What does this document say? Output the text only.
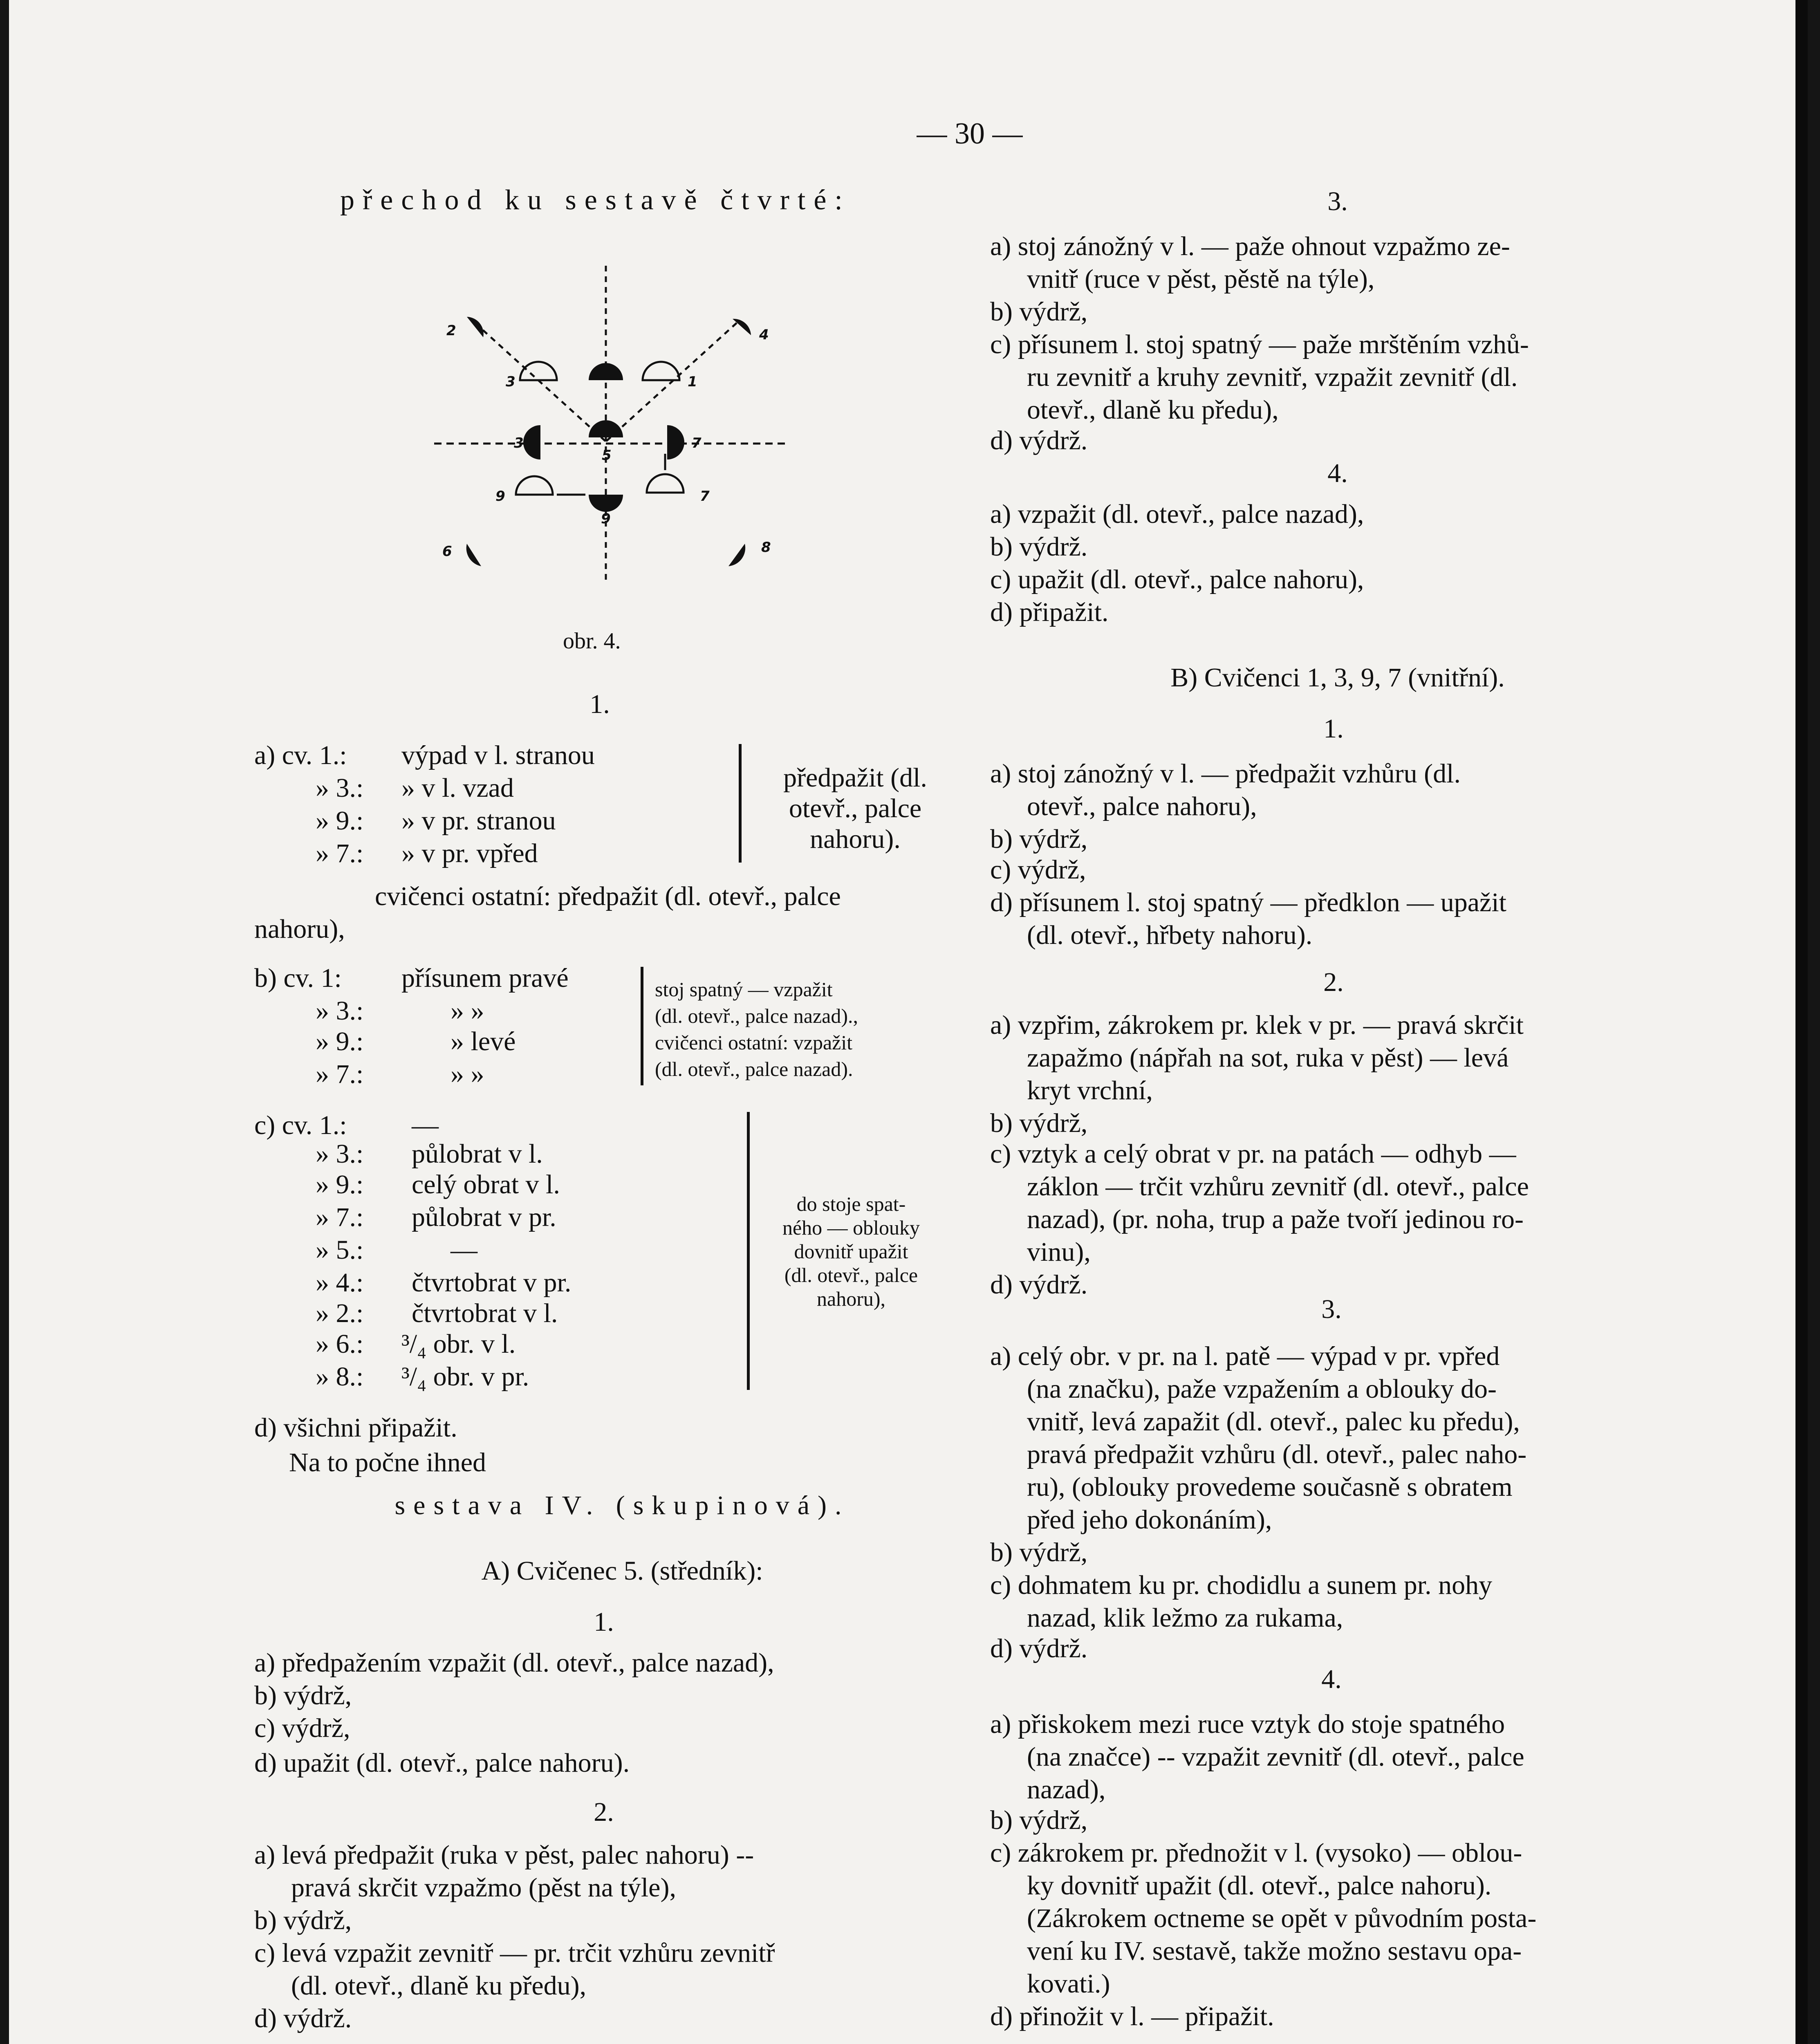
— 30 —
přechod ku sestavě čtvrté:
2	4
3	1
3
5
7
9
9
7
6	8
obr. 4.
1.
a) cv. 1.: výpad v l. stranou
» 3.: » v l. vzad
» 9.: » v pr. stranou
» 7.: » v pr. vpřed
předpažit (dl.
otevř., palce
nahoru).
cvičenci ostatní: předpažit (dl. otevř., palce
nahoru),
b) cv. 1: přísunem pravé
» 3.:	» »
» 9.:	» levé
» 7.:	» »
stoj spatný — vzpažit
(dl. otevř., palce nazad).,
cvičenci ostatní: vzpažit
(dl. otevř., palce nazad).
c) cv. 1.: —
» 3.: půlobrat v l.
» 9.: celý obrat v l.
» 7.: půlobrat v pr.
» 5.:	—
» 4.: čtvrtobrat v pr.
» 2.: čtvrtobrat v l.
» 6.: ³/₄ obr. v l.
» 8.: ³/₄ obr. v pr.
do stoje spat-
ného — oblouky
dovnitř upažit
(dl. otevř., palce
nahoru),
d) všichni připažit.
Na to počne ihned
sestava IV. (skupinová).
A) Cvičenec 5. (středník):
1.
a) předpažením vzpažit (dl. otevř., palce nazad),
b) výdrž,
c) výdrž,
d) upažit (dl. otevř., palce nahoru).
2.
a) levá předpažit (ruka v pěst, palec nahoru) --
pravá skrčit vzpažmo (pěst na týle),
b) výdrž,
c) levá vzpažit zevnitř — pr. trčit vzhůru zevnitř
(dl. otevř., dlaně ku předu),
d) výdrž.
3.
a) stoj zánožný v l. — paže ohnout vzpažmo ze-
vnitř (ruce v pěst, pěstě na týle),
b) výdrž,
c) přísunem l. stoj spatný — paže mrštěním vzhů-
ru zevnitř a kruhy zevnitř, vzpažit zevnitř (dl.
otevř., dlaně ku předu),
d) výdrž.
4.
a) vzpažit (dl. otevř., palce nazad),
b) výdrž.
c) upažit (dl. otevř., palce nahoru),
d) připažit.
B) Cvičenci 1, 3, 9, 7 (vnitřní).
1.
a) stoj zánožný v l. — předpažit vzhůru (dl.
otevř., palce nahoru),
b) výdrž,
c) výdrž,
d) přísunem l. stoj spatný — předklon — upažit
(dl. otevř., hřbety nahoru).
2.
a) vzpřim, zákrokem pr. klek v pr. — pravá skrčit
zapažmo (nápřah na sot, ruka v pěst) — levá
kryt vrchní,
b) výdrž,
c) vztyk a celý obrat v pr. na patách — odhyb —
záklon — trčit vzhůru zevnitř (dl. otevř., palce
nazad), (pr. noha, trup a paže tvoří jedinou ro-
vinu),
d) výdrž.
3.
a) celý obr. v pr. na l. patě — výpad v pr. vpřed
(na značku), paže vzpažením a oblouky do-
vnitř, levá zapažit (dl. otevř., palec ku předu),
pravá předpažit vzhůru (dl. otevř., palec naho-
ru), (oblouky provedeme současně s obratem
před jeho dokonáním),
b) výdrž,
c) dohmatem ku pr. chodidlu a sunem pr. nohy
nazad, klik ležmo za rukama,
d) výdrž.
4.
a) přiskokem mezi ruce vztyk do stoje spatného
(na značce) -- vzpažit zevnitř (dl. otevř., palce
nazad),
b) výdrž,
c) zákrokem pr. přednožit v l. (vysoko) — oblou-
ky dovnitř upažit (dl. otevř., palce nahoru).
(Zákrokem octneme se opět v původním posta-
vení ku IV. sestavě, takže možno sestavu opa-
kovati.)
d) přinožit v l. — připažit.
